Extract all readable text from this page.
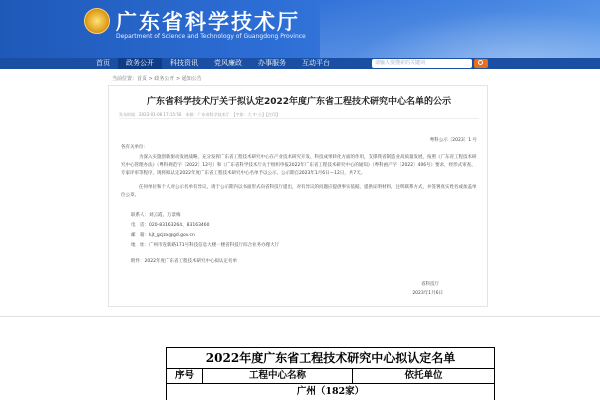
广东省科学技术厅
Department of Science and Technology of Guangdong Province
首页	政务公开	科技资讯	党风廉政	办事服务	互动平台	请输入要搜索的关键词
当前位置：首页 > 政务公开 > 通知公告
广东省科学技术厅关于拟认定2022年度广东省工程技术研究中心名单的公示
发布时间：2023-01-06 17:15:56　来源：广东省科学技术厅　【字体：大 中 小】【打印】
粤科公示〔2023〕1 号
各有关单位：
为深入实施创新驱动发展战略，充分发挥广东省工程技术研究中心在产业技术研究开发、科技成果转化方面的作用，支撑我省制造业高质量发展，按照《广东省工程技术研究中心管理办法》（粤科规范字〔2022〕12号）和《广东省科学技术厅关于组织申报2022年广东省工程技术研究中心的通知》（粤科函产字〔2022〕406号）要求，经形式审查、专家评审等程序，现将拟认定2022年度广东省工程技术研究中心名单予以公示，公示期自2023年1月6日—12日，共7天。
任何单位和个人对公示名单有异议，请于公示期内以书面形式向省科技厅提出，对有异议的问题应提供事实依据，提供证明材料，注明联系方式，并签署真实姓名或加盖单位公章。
联系人：刘云霞、万景梅
电　话：020-83163264、83163460
邮　箱：kjt_gcjzx@gd.gov.cn
地　址：广州市连新路171号科技信息大楼一楼省科技厅综合业务办理大厅
附件：2022年度广东省工程技术研究中心拟认定名单
省科技厅
2023年1月6日
2022年度广东省工程技术研究中心拟认定名单
序号	工程中心名称	依托单位
广州（182家）
